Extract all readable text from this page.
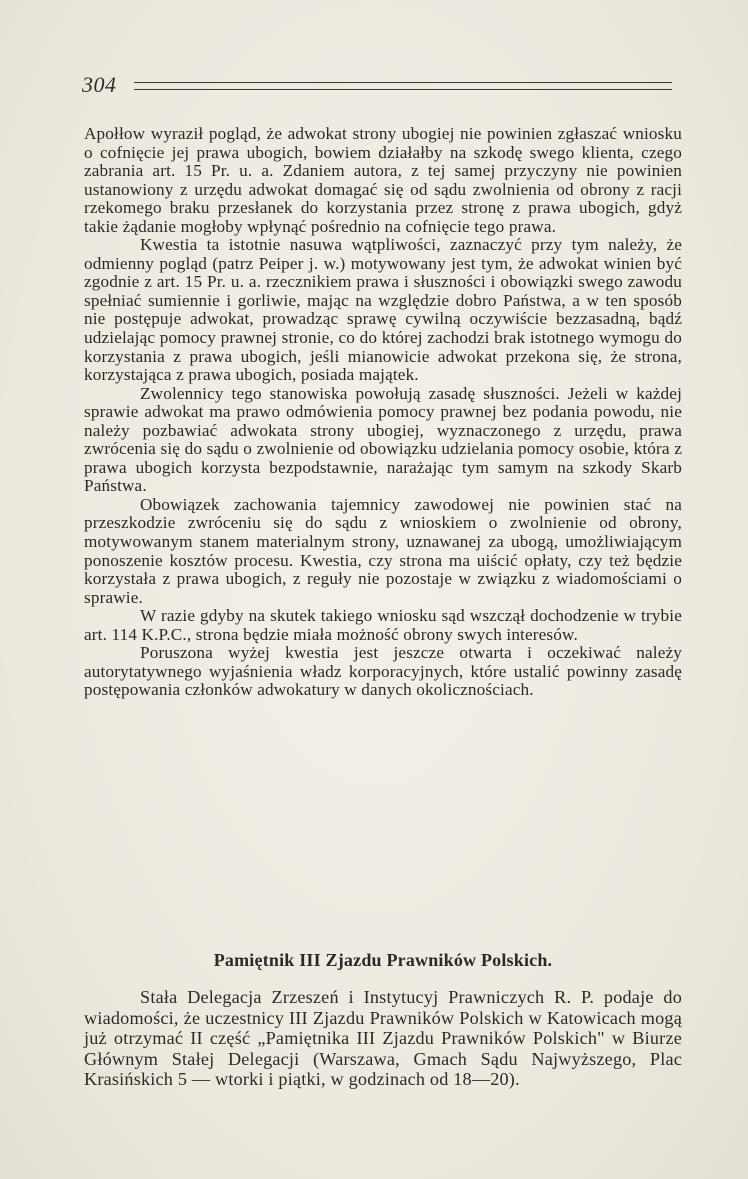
304

Apołłow wyraził pogląd, że adwokat strony ubogiej nie powinien zgłaszać wniosku o cofnięcie jej prawa ubogich, bowiem działałby na szkodę swego klienta, czego zabrania art. 15 Pr. u. a. Zdaniem autora, z tej samej przyczyny nie powinien ustanowiony z urzędu adwokat domagać się od sądu zwolnienia od obrony z racji rzekomego braku przesłanek do korzystania przez stronę z prawa ubogich, gdyż takie żądanie mogłoby wpłynąć pośrednio na cofnięcie tego prawa.

Kwestia ta istotnie nasuwa wątpliwości, zaznaczyć przy tym należy, że odmienny pogląd (patrz Peiper j. w.) motywowany jest tym, że adwokat winien być zgodnie z art. 15 Pr. u. a. rzecznikiem prawa i słuszności i obowiązki swego zawodu spełniać sumiennie i gorliwie, mając na względzie dobro Państwa, a w ten sposób nie postępuje adwokat, prowadząc sprawę cywilną oczywiście bezzasadną, bądź udzielając pomocy prawnej stronie, co do której zachodzi brak istotnego wymogu do korzystania z prawa ubogich, jeśli mianowicie adwokat przekona się, że strona, korzystająca z prawa ubogich, posiada majątek.

Zwolennicy tego stanowiska powołują zasadę słuszności. Jeżeli w każdej sprawie adwokat ma prawo odmówienia pomocy prawnej bez podania powodu, nie należy pozbawiać adwokata strony ubogiej, wyznaczonego z urzędu, prawa zwrócenia się do sądu o zwolnienie od obowiązku udzielania pomocy osobie, która z prawa ubogich korzysta bezpodstawnie, narażając tym samym na szkody Skarb Państwa.

Obowiązek zachowania tajemnicy zawodowej nie powinien stać na przeszkodzie zwróceniu się do sądu z wnioskiem o zwolnienie od obrony, motywowanym stanem materialnym strony, uznawanej za ubogą, umożliwiającym ponoszenie kosztów procesu. Kwestia, czy strona ma uiścić opłaty, czy też będzie korzystała z prawa ubogich, z reguły nie pozostaje w związku z wiadomościami o sprawie.

W razie gdyby na skutek takiego wniosku sąd wszczął dochodzenie w trybie art. 114 K.P.C., strona będzie miała możność obrony swych interesów.

Poruszona wyżej kwestia jest jeszcze otwarta i oczekiwać należy autorytatywnego wyjaśnienia władz korporacyjnych, które ustalić powinny zasadę postępowania członków adwokatury w danych okolicznościach.

Pamiętnik III Zjazdu Prawników Polskich.

Stała Delegacja Zrzeszeń i Instytucyj Prawniczych R. P. podaje do wiadomości, że uczestnicy III Zjazdu Prawników Polskich w Katowicach mogą już otrzymać II część „Pamiętnika III Zjazdu Prawników Polskich" w Biurze Głównym Stałej Delegacji (Warszawa, Gmach Sądu Najwyższego, Plac Krasińskich 5 — wtorki i piątki, w godzinach od 18—20).
